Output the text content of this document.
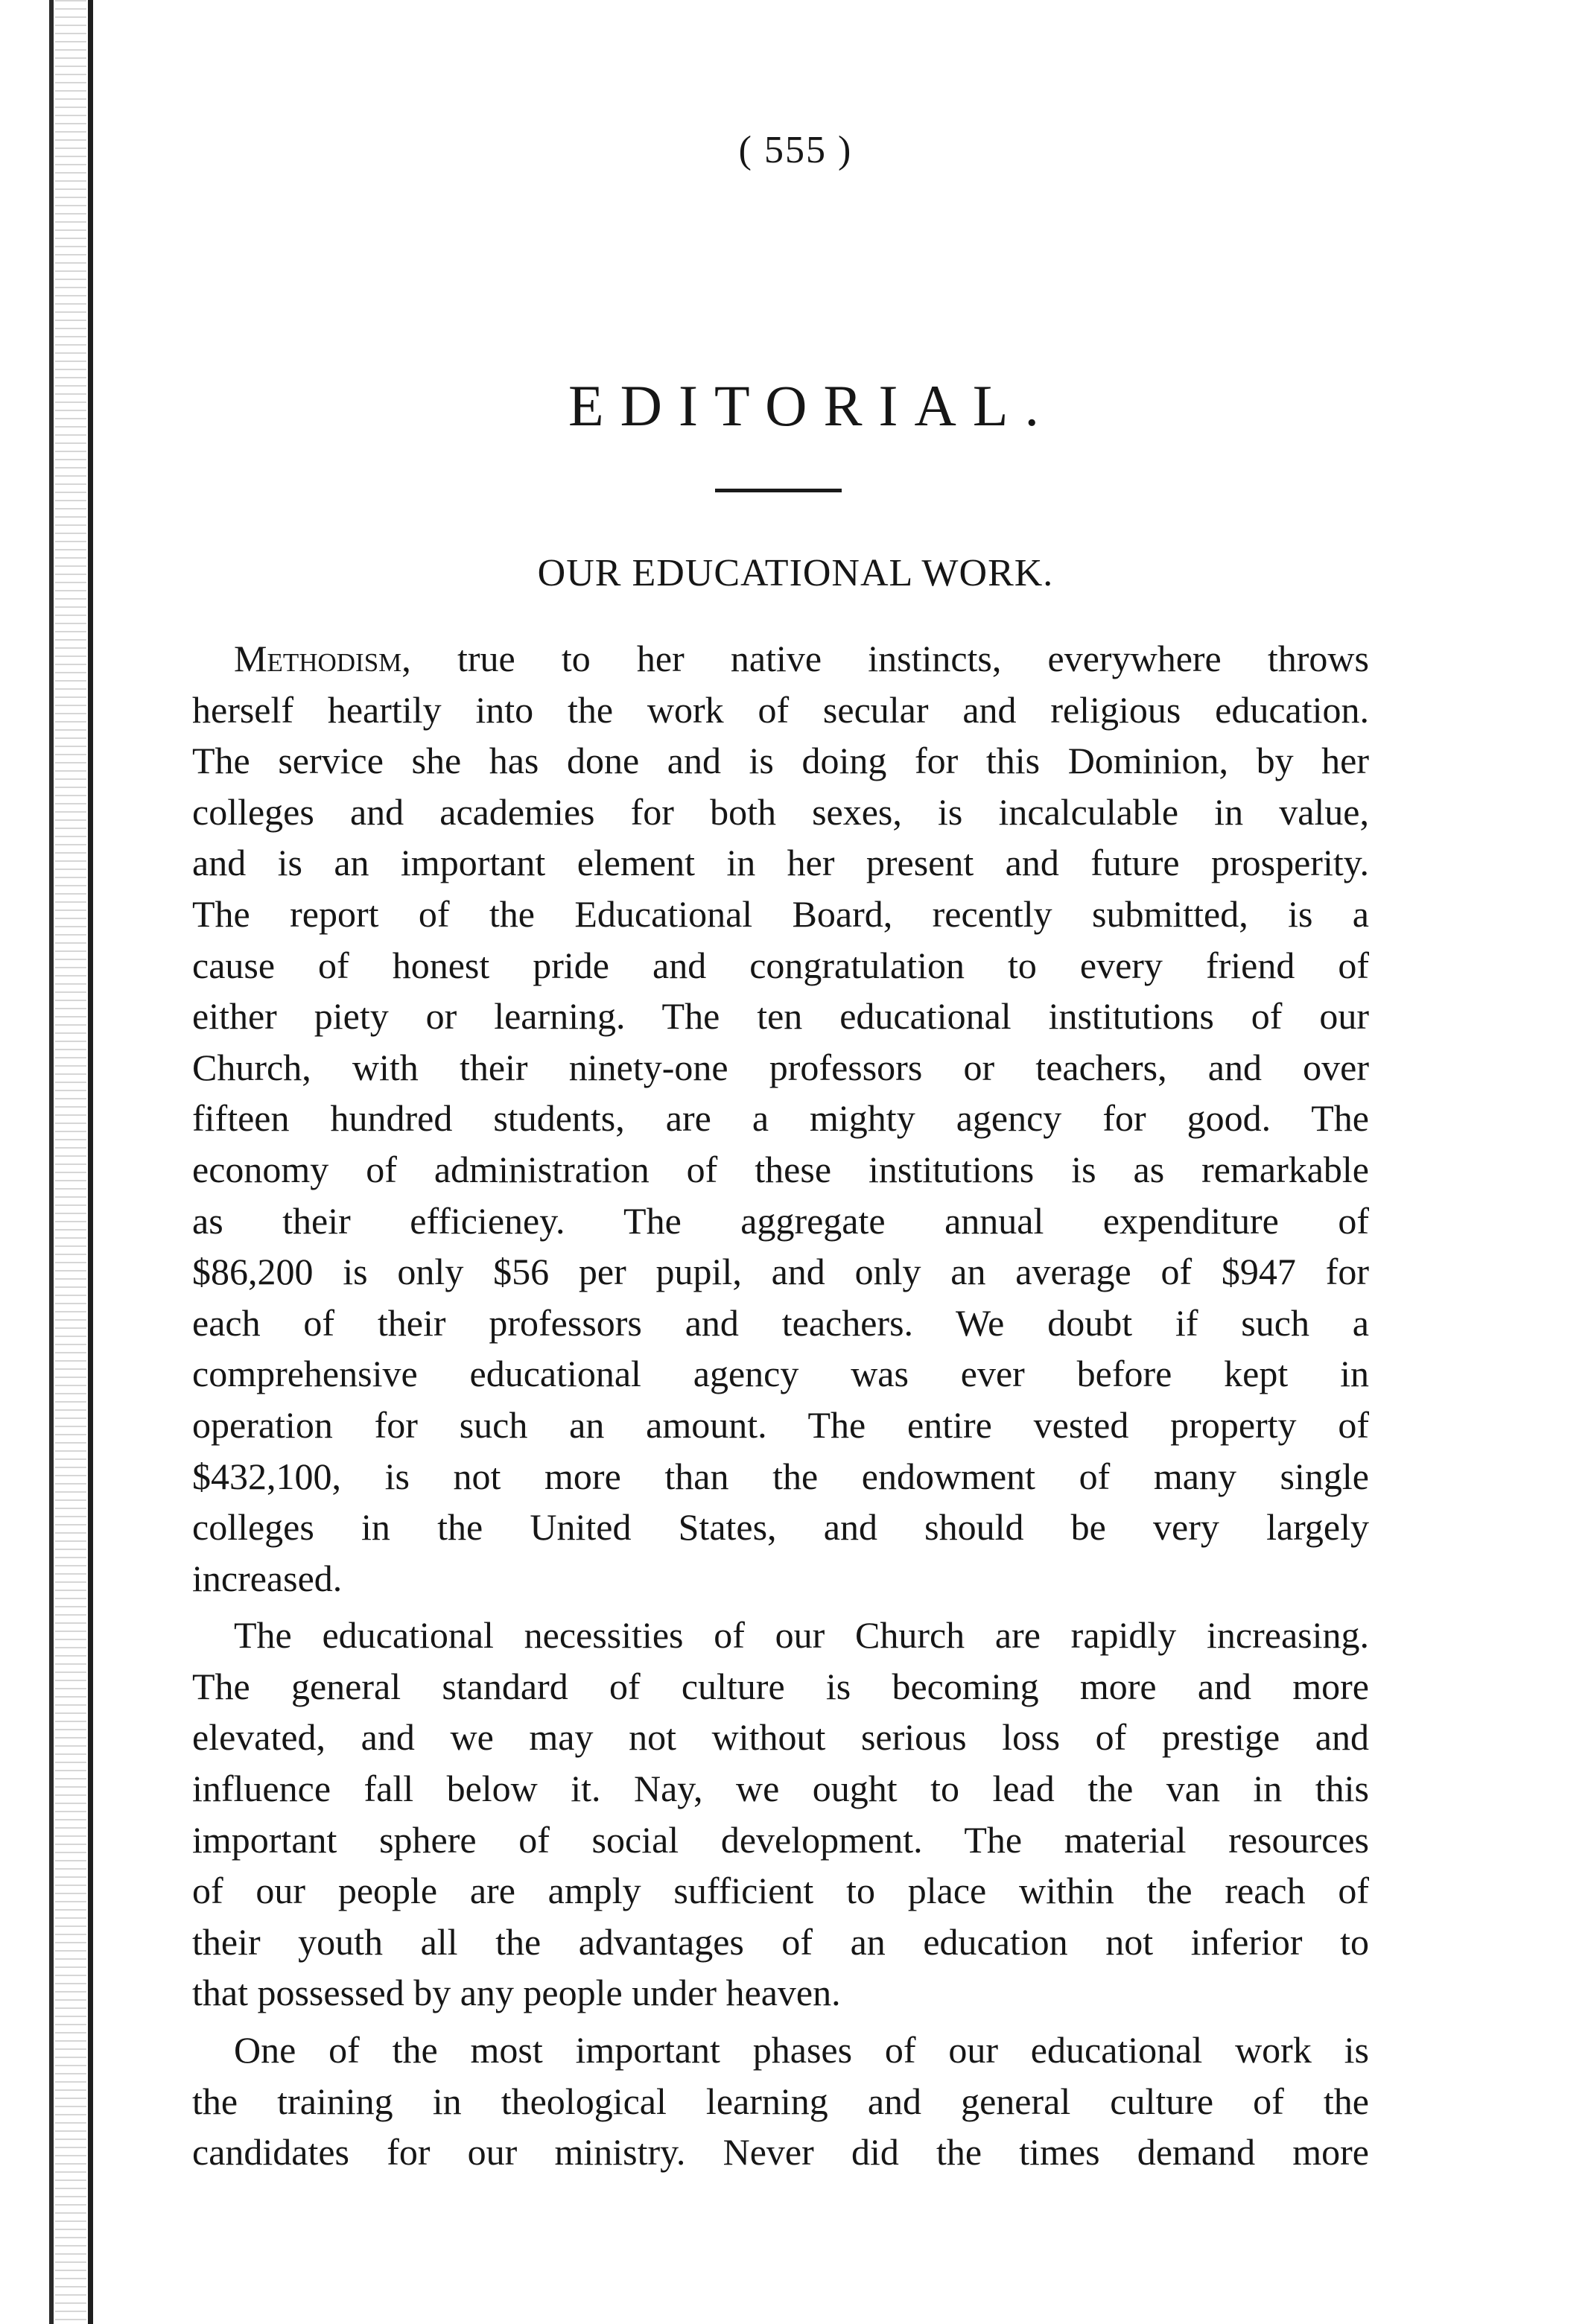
( 555 )
EDITORIAL.
OUR EDUCATIONAL WORK.
Methodism, true to her native instincts, everywhere throws
herself heartily into the work of secular and religious education.
The service she has done and is doing for this Dominion, by her
colleges and academies for both sexes, is incalculable in value,
and is an important element in her present and future prosperity.
The report of the Educational Board, recently submitted, is a
cause of honest pride and congratulation to every friend of
either piety or learning. The ten educational institutions of our
Church, with their ninety-one professors or teachers, and over
fifteen hundred students, are a mighty agency for good. The
economy of administration of these institutions is as remarkable
as their efficieney. The aggregate annual expenditure of
$86,200 is only $56 per pupil, and only an average of $947 for
each of their professors and teachers. We doubt if such a
comprehensive educational agency was ever before kept in
operation for such an amount. The entire vested property of
$432,100, is not more than the endowment of many single
colleges in the United States, and should be very largely
increased.
The educational necessities of our Church are rapidly increasing.
The general standard of culture is becoming more and more
elevated, and we may not without serious loss of prestige and
influence fall below it. Nay, we ought to lead the van in this
important sphere of social development. The material resources
of our people are amply sufficient to place within the reach of
their youth all the advantages of an education not inferior to
that possessed by any people under heaven.
One of the most important phases of our educational work is
the training in theological learning and general culture of the
candidates for our ministry. Never did the times demand more
